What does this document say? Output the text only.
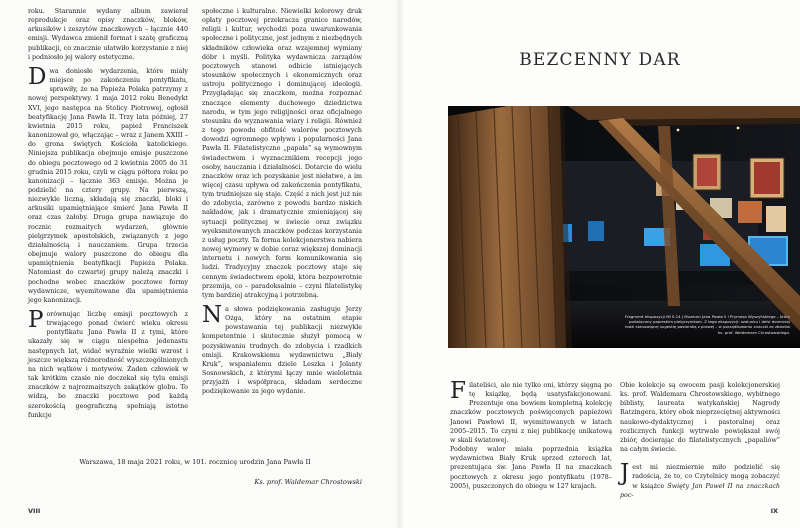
roku. Starannie wydany album zawierał reprodukcje oraz opisy znaczków, bloków, arkusików i zeszytów znaczkowych – łącznie 440 emisji. Wydawca zmienił format i szatę graficzną publikacji, co znacznie ułatwiło korzystanie z niej i podniosło jej walory estetyczne.

Dwa doniosłe wydarzenia, które miały miejsce po zakończeniu pontyfikatu, sprawiły, że na Papieża Polaka patrzymy z nowej perspektywy. 1 maja 2012 roku Benedykt XVI, jego następca na Stolicy Piotrowej, ogłosił beatyfikację Jana Pawła II. Trzy lata później, 27 kwietnia 2015 roku, papież Franciszek kanonizował go, włączając – wraz z Janem XXIII – do grona świętych Kościoła katolickiego. Niniejsza publikacja obejmuje emisje puszczone do obiegu pocztowego od 2 kwietnia 2005 do 31 grudnia 2015 roku, czyli w ciągu półtora roku po kanonizacji – łącznie 363 emisje. Można je podzielić na cztery grupy. Na pierwszą, niezwykle liczną, składają się znaczki, bloki i arkusiki upamiętniające śmierć Jana Pawła II oraz czas żałoby. Druga grupa nawiązuje do rocznic rozmaitych wydarzeń, głównie pielgrzymek apostolskich, związanych z jego działalnością i nauczaniem. Grupa trzecia obejmuje walory puszczone do obiegu dla upamiętnienia beatyfikacji Papieża Polaka. Natomiast do czwartej grupy należą znaczki i pochodne wobec znaczków pocztowe formy wydawnicze, wyemitowane dla upamiętnienia jego kanonizacji.

Porównując liczbę emisji pocztowych z trwającego ponad ćwierć wieku okresu pontyfikatu Jana Pawła II z tymi, które ukazały się w ciągu niespełna jedenastu następnych lat, widać wyraźnie wielki wzrost i jeszcze większą różnorodność wyszczególnionych na nich wątków i motywów. Żaden człowiek w tak krótkim czasie nie doczekał się tylu emisji znaczków z najrozmaitszych zakątków globu. To widzą, bo znaczki pocztowe pod każdą szerokością geograficzną spełniają istotne funkcje

społeczne i kulturalne. Niewielki kolorowy druk opłaty pocztowej przekracza granice narodów, religii i kultur, wychodzi poza uwarunkowania społeczne i polityczne, jest jednym z niezbędnych składników człowieka oraz wzajemnej wymiany dóbr i myśli. Polityka wydawnicza zarządów pocztowych stanowi odbicie istniejących stosunków społecznych i ekonomicznych oraz ustroju politycznego i dominującej ideologii. Przyglądając się znaczkom, można rozpoznać znaczące elementy duchowego dziedzictwa narodu, w tym jego religijności oraz oficjalnego stosunku do wyznawania wiary i religii. Również z tego powodu obfitość walorów pocztowych dowodzi ogromnego wpływu i popularności Jana Pawła II. Filatelistyczne „papała” są wymownym świadectwem i wyznacznikiem recepcji jego osoby, nauczania i działalności. Dotarcie do wielu znaczków oraz ich pozyskanie jest niełatwe, a im więcej czasu upływa od zakończenia pontyfikatu, tym trudniejsze się staje. Część z nich jest już nie do zdobycia, zarówno z powodu bardzo niskich nakładów, jak i dramatycznie zmieniającej się sytuacji politycznej w świecie oraz związku wyeksmitowanych znaczków podczas korzystania z usług poczty. Ta forma kolekcjonerstwa nabiera nowej wymowy w dobie coraz większej dominacji internetu i nowych form komunikowania się ludzi. Tradycyjny znaczek pocztowy staje się cennym świadectwem epoki, która bezpowrotnie przemija, co – paradoksalnie – czyni filatelistykę tym bardziej atrakcyjną i potrzebną.

Na słowa podziękowania zasługuje Jerzy Ożga, który na ostatnim etapie powstawania tej publikacji niezwykle kompetentnie i skutecznie służył pomocą w pozyskiwaniu trudnych do zdobycia i rzadkich emisji. Krakowskiemu wydawnictwu „Biały Kruk”, wspaniałemu dziele Leszka i Jolanty Sosnowskich, z którymi łączy mnie wieloletnia przyjaźń i współpraca, składam serdeczne podziękowanie za jego wydanie.

Warszawa, 18 maja 2021 roku, w 101. rocznicę urodzin Jana Pawła II
Ks. prof. Waldemar Chrostowski
VIII
BEZCENNY DAR
Fragment ekspozycji MI S.14 | Muzeum Jana Pawła II i Prymasa Wyszyńskiego – który poświęcony papieskim pielgrzymkom. Z tego ekspozycji: szalunku i delsi dorenniej łodzi stanowiącej sugestię pasterską z prawej – w porządkowaniu znaczki ze zbiorów ks. prof. Waldemara Chrostowskiego.

Filateliści, ale nie tylko oni, którzy sięgną po tę książkę, będą usatysfakcjonowani. Prezentuje ona bowiem kompletną kolekcję znaczków pocztowych poświęconych papieżowi Janowi Pawłowi II, wyemitowanych w latach 2005–2015. To czyni z niej publikację unikatową w skali światowej.

Podobny walor miała poprzednia książka wydawnictwa Biały Kruk sprzed czterech lat, prezentująca św. Jana Pawła II na znaczkach pocztowych z okresu jego pontyfikatu (1978–2005), puszczonych do obiegu w 127 krajach.

Obie kolekcje są owocem pasji kolekcjonerskiej ks. prof. Waldemara Chrostowskiego, wybitnego biblisty, laureata watykańskiej Nagrody Ratzingera, który obok nieprzeciętnej aktywności naukowo-dydaktycznej i pastoralnej oraz rozlicznych funkcji wytrwale powiększał swój zbiór, docierając do filatelistycznych „papaliów” na całym świecie.

Jest mi niezmiernie miło podzielić się radością, że to, co Czytelnicy mogą zobaczyć w książce Święty Jan Paweł II na znaczkach poc-

IX
